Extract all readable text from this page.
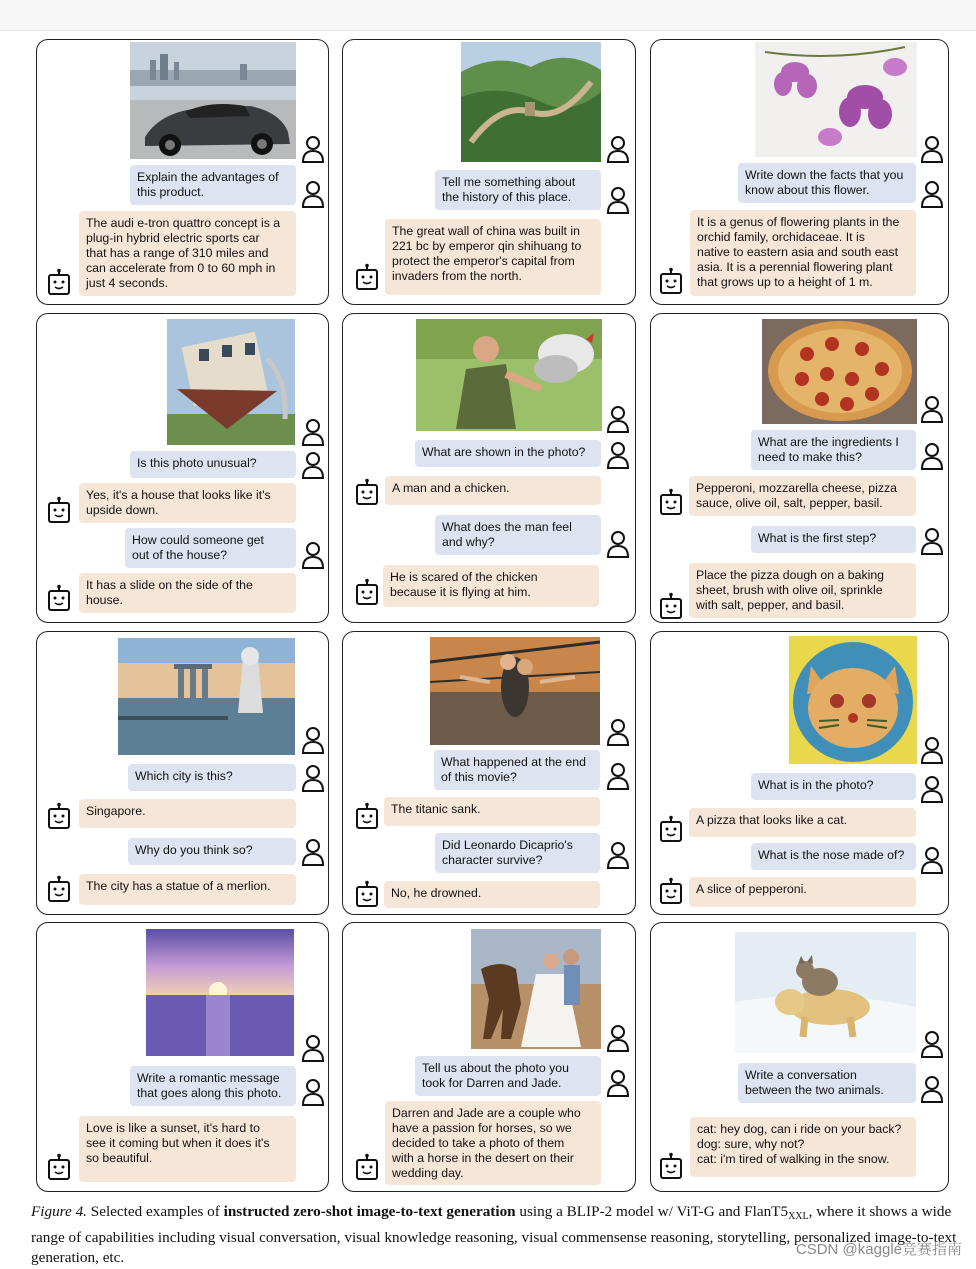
Explain the advantages of
this product.
The audi e-tron quattro concept is a
plug-in hybrid electric sports car
that has a range of 310 miles and
can accelerate from 0 to 60 mph in
just 4 seconds.
Tell me something about
the history of this place.
The great wall of china was built in
221 bc by emperor qin shihuang to
protect the emperor's capital from
invaders from the north.
Write down the facts that you
know about this flower.
It is a genus of flowering plants in the
orchid family, orchidaceae. It is
native to eastern asia and south east
asia. It is a perennial flowering plant
that grows up to a height of 1 m.
Is this photo unusual?
Yes, it's a house that looks like it's
upside down.
How could someone get
out of the house?
It has a slide on the side of the
house.
What are shown in the photo?
A man and a chicken.
What does the man feel
and why?
He is scared of the chicken
because it is flying at him.
What are the ingredients I
need to make this?
Pepperoni, mozzarella cheese, pizza
sauce, olive oil, salt, pepper, basil.
What is the first step?
Place the pizza dough on a baking
sheet, brush with olive oil, sprinkle
with salt, pepper, and basil.
Which city is this?
Singapore.
Why do you think so?
The city has a statue of a merlion.
What happened at the end
of this movie?
The titanic sank.
Did Leonardo Dicaprio's
character survive?
No, he drowned.
What is in the photo?
A pizza that looks like a cat.
What is the nose made of?
A slice of pepperoni.
Write a romantic message
that goes along this photo.
Love is like a sunset, it's hard to
see it coming but when it does it's
so beautiful.
Tell us about the photo you
took for Darren and Jade.
Darren and Jade are a couple who
have a passion for horses, so we
decided to take a photo of them
with a horse in the desert on their
wedding day.
Write a conversation
between the two animals.
cat: hey dog, can i ride on your back?
dog: sure, why not?
cat: i'm tired of walking in the snow.
Figure 4. Selected examples of instructed zero-shot image-to-text generation using a BLIP-2 model w/ ViT-G and $FlanT5_{XXL}$, where it shows a wide range of capabilities including visual conversation, visual knowledge reasoning, visual commensense reasoning, storytelling, personalized image-to-text generation, etc.	CSDN @kaggle竞赛指南
